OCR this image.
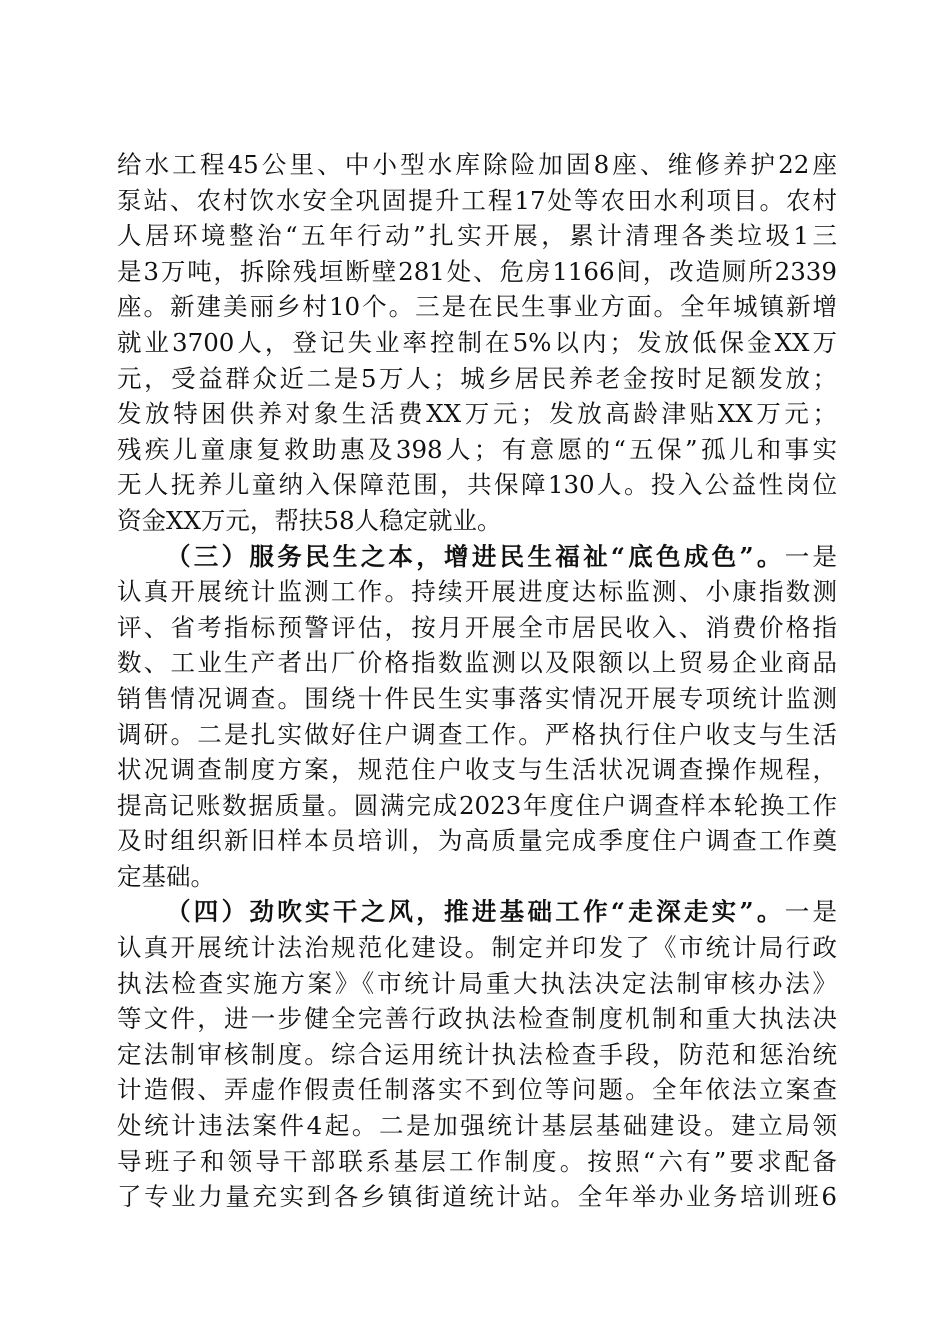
给水工程45公里、中小型水库除险加固8座、维修养护22座
泵站、农村饮水安全巩固提升工程17处等农田水利项目。农村
人居环境整治“五年行动”扎实开展，累计清理各类垃圾1三
是3万吨，拆除残垣断壁281处、危房1166间，改造厕所2339
座。新建美丽乡村10个。三是在民生事业方面。全年城镇新增
就业3700人，登记失业率控制在5%以内；发放低保金XX万
元，受益群众近二是5万人；城乡居民养老金按时足额发放；
发放特困供养对象生活费XX万元；发放高龄津贴XX万元；
残疾儿童康复救助惠及398人；有意愿的“五保”孤儿和事实
无人抚养儿童纳入保障范围，共保障130人。投入公益性岗位
资金XX万元，帮扶58人稳定就业。
（三）服务民生之本，增进民生福祉“底色成色”。一是
认真开展统计监测工作。持续开展进度达标监测、小康指数测
评、省考指标预警评估，按月开展全市居民收入、消费价格指
数、工业生产者出厂价格指数监测以及限额以上贸易企业商品
销售情况调查。围绕十件民生实事落实情况开展专项统计监测
调研。二是扎实做好住户调查工作。严格执行住户收支与生活
状况调查制度方案，规范住户收支与生活状况调查操作规程，
提高记账数据质量。圆满完成2023年度住户调查样本轮换工作
及时组织新旧样本员培训，为高质量完成季度住户调查工作奠
定基础。
（四）劲吹实干之风，推进基础工作“走深走实”。一是
认真开展统计法治规范化建设。制定并印发了《市统计局行政
执法检查实施方案》《市统计局重大执法决定法制审核办法》
等文件，进一步健全完善行政执法检查制度机制和重大执法决
定法制审核制度。综合运用统计执法检查手段，防范和惩治统
计造假、弄虚作假责任制落实不到位等问题。全年依法立案查
处统计违法案件4起。二是加强统计基层基础建设。建立局领
导班子和领导干部联系基层工作制度。按照“六有”要求配备
了专业力量充实到各乡镇街道统计站。全年举办业务培训班6
